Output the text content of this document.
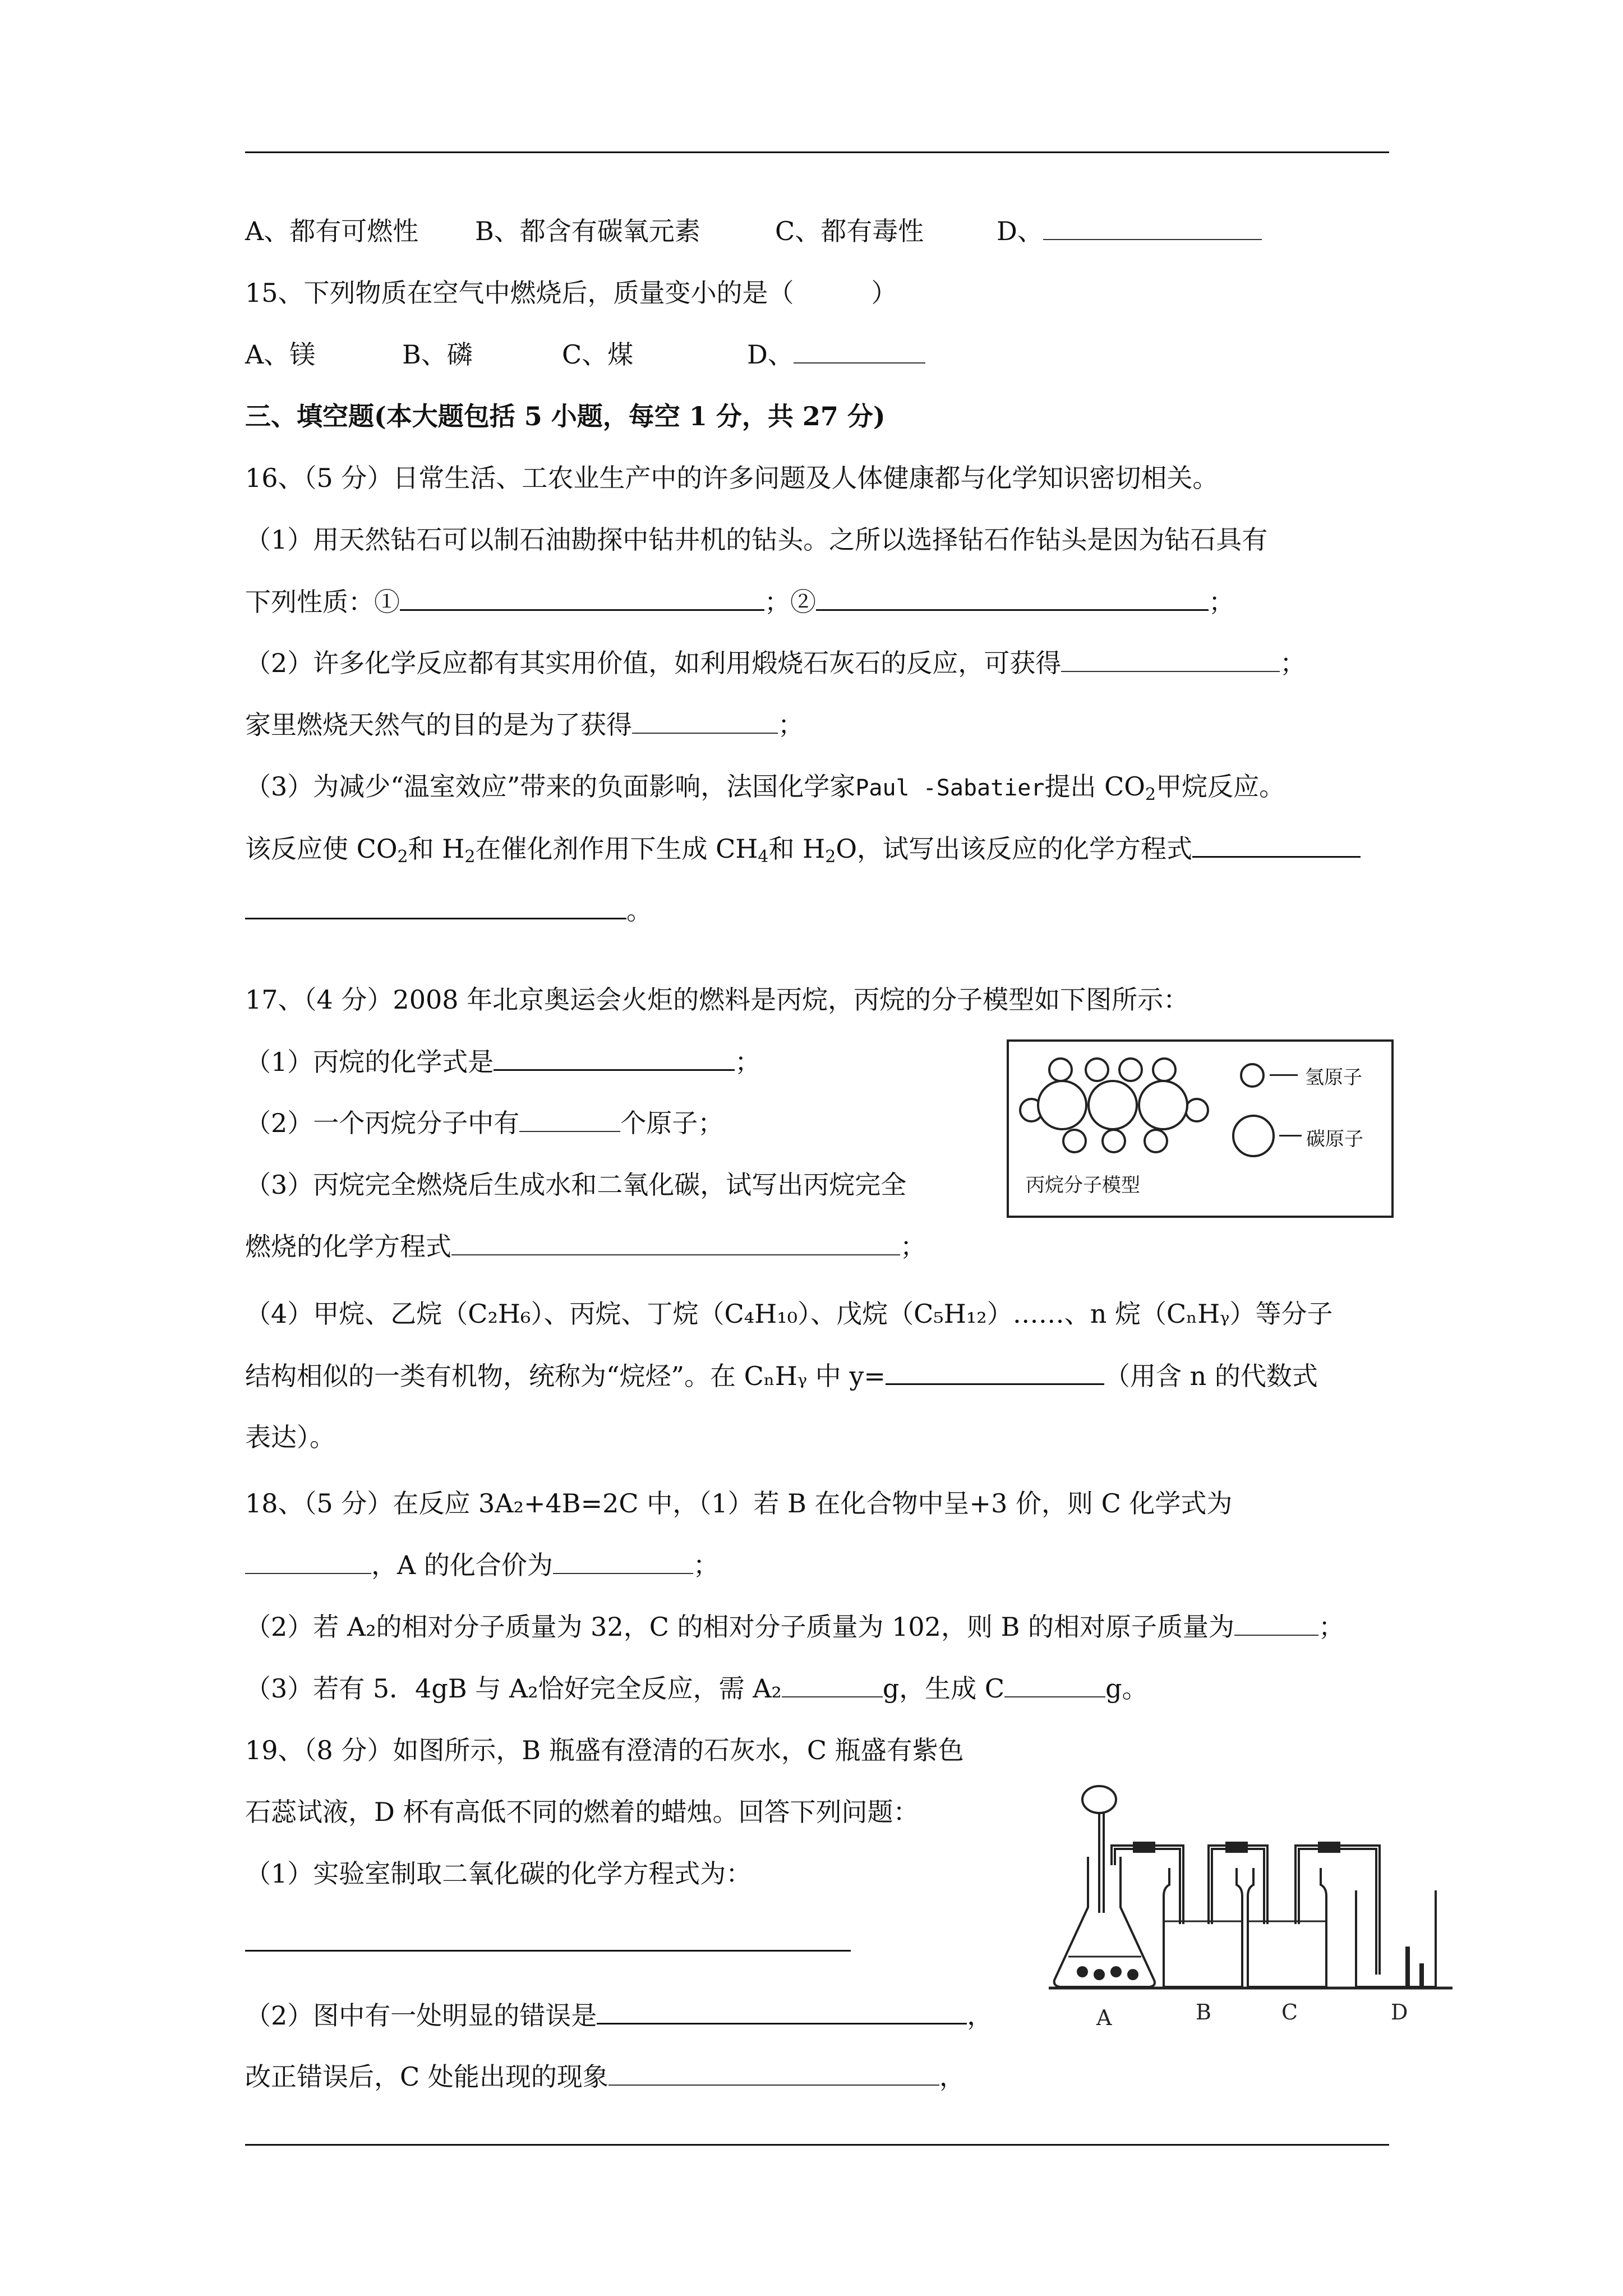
A、都有可燃性 B、都含有碳氧元素	C、都有毒性	D、
15、下列物质在空气中燃烧后，质量变小的是（　　　）
A、镁	B、磷	C、煤	D、
三、填空题(本大题包括 5 小题，每空 1 分，共 27 分)
16、（5 分）日常生活、工农业生产中的许多问题及人体健康都与化学知识密切相关。
（1）用天然钻石可以制石油勘探中钻井机的钻头。之所以选择钻石作钻头是因为钻石具有
下列性质：①	；②	；
（2）许多化学反应都有其实用价值，如利用煅烧石灰石的反应，可获得	；
家里燃烧天然气的目的是为了获得	；
（3）为减少“温室效应”带来的负面影响，法国化学家Paul -Sabatier提出 $CO_2$甲烷反应。
该反应使 $CO_2$和 $H_2$在催化剂作用下生成 $CH_4$和 $H_2O$，试写出该反应的化学方程式
。
17、（4 分）2008 年北京奥运会火炬的燃料是丙烷，丙烷的分子模型如下图所示：
（1）丙烷的化学式是	；
（2）一个丙烷分子中有	个原子；
（3）丙烷完全燃烧后生成水和二氧化碳，试写出丙烷完全
燃烧的化学方程式	；
（4）甲烷、乙烷（C₂H₆）、丙烷、丁烷（C₄H₁₀）、戊烷（C₅H₁₂）……、n 烷（CₙHᵧ）等分子
结构相似的一类有机物，统称为“烷烃”。在 CₙHᵧ 中 y=	（用含 n 的代数式
表达）。
氢原子
碳原子
丙烷分子模型
18、（5 分）在反应 3A₂+4B=2C 中，（1）若 B 在化合物中呈+3 价，则 C 化学式为
，A 的化合价为	；
（2）若 A₂的相对分子质量为 32，C 的相对分子质量为 102，则 B 的相对原子质量为	；
（3）若有 5．4gB 与 A₂恰好完全反应，需 A₂	g，生成 C	g。
19、（8 分）如图所示，B 瓶盛有澄清的石灰水，C 瓶盛有紫色
石蕊试液，D 杯有高低不同的燃着的蜡烛。回答下列问题：
（1）实验室制取二氧化碳的化学方程式为：
（2）图中有一处明显的错误是	，
改正错误后，C 处能出现的现象	，
A	B	C	D
